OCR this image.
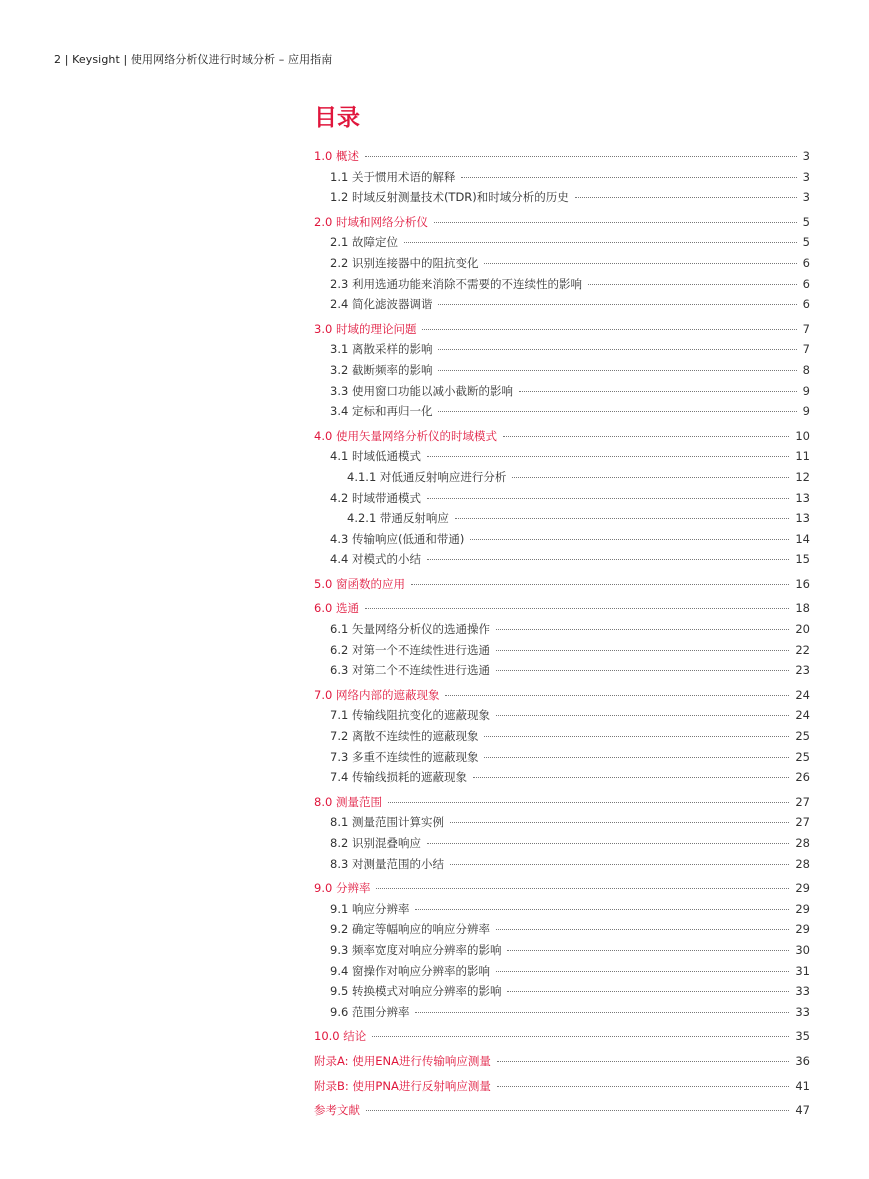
2 | Keysight | 使用网络分析仪进行时域分析 – 应用指南
目录
1.0 概述	3
1.1 关于惯用术语的解释	3
1.2 时域反射测量技术(TDR)和时域分析的历史	3
2.0 时域和网络分析仪	5
2.1 故障定位	5
2.2 识别连接器中的阻抗变化	6
2.3 利用选通功能来消除不需要的不连续性的影响	6
2.4 简化滤波器调谐	6
3.0 时域的理论问题	7
3.1 离散采样的影响	7
3.2 截断频率的影响	8
3.3 使用窗口功能以减小截断的影响	9
3.4 定标和再归一化	9
4.0 使用矢量网络分析仪的时域模式	10
4.1 时域低通模式	11
4.1.1 对低通反射响应进行分析	12
4.2 时域带通模式	13
4.2.1 带通反射响应	13
4.3 传输响应(低通和带通)	14
4.4 对模式的小结	15
5.0 窗函数的应用	16
6.0 选通	18
6.1 矢量网络分析仪的选通操作	20
6.2 对第一个不连续性进行选通	22
6.3 对第二个不连续性进行选通	23
7.0 网络内部的遮蔽现象	24
7.1 传输线阻抗变化的遮蔽现象	24
7.2 离散不连续性的遮蔽现象	25
7.3 多重不连续性的遮蔽现象	25
7.4 传输线损耗的遮蔽现象	26
8.0 测量范围	27
8.1 测量范围计算实例	27
8.2 识别混叠响应	28
8.3 对测量范围的小结	28
9.0 分辨率	29
9.1 响应分辨率	29
9.2 确定等幅响应的响应分辨率	29
9.3 频率宽度对响应分辨率的影响	30
9.4 窗操作对响应分辨率的影响	31
9.5 转换模式对响应分辨率的影响	33
9.6 范围分辨率	33
10.0 结论	35
附录A: 使用ENA进行传输响应测量	36
附录B: 使用PNA进行反射响应测量	41
参考文献	47
